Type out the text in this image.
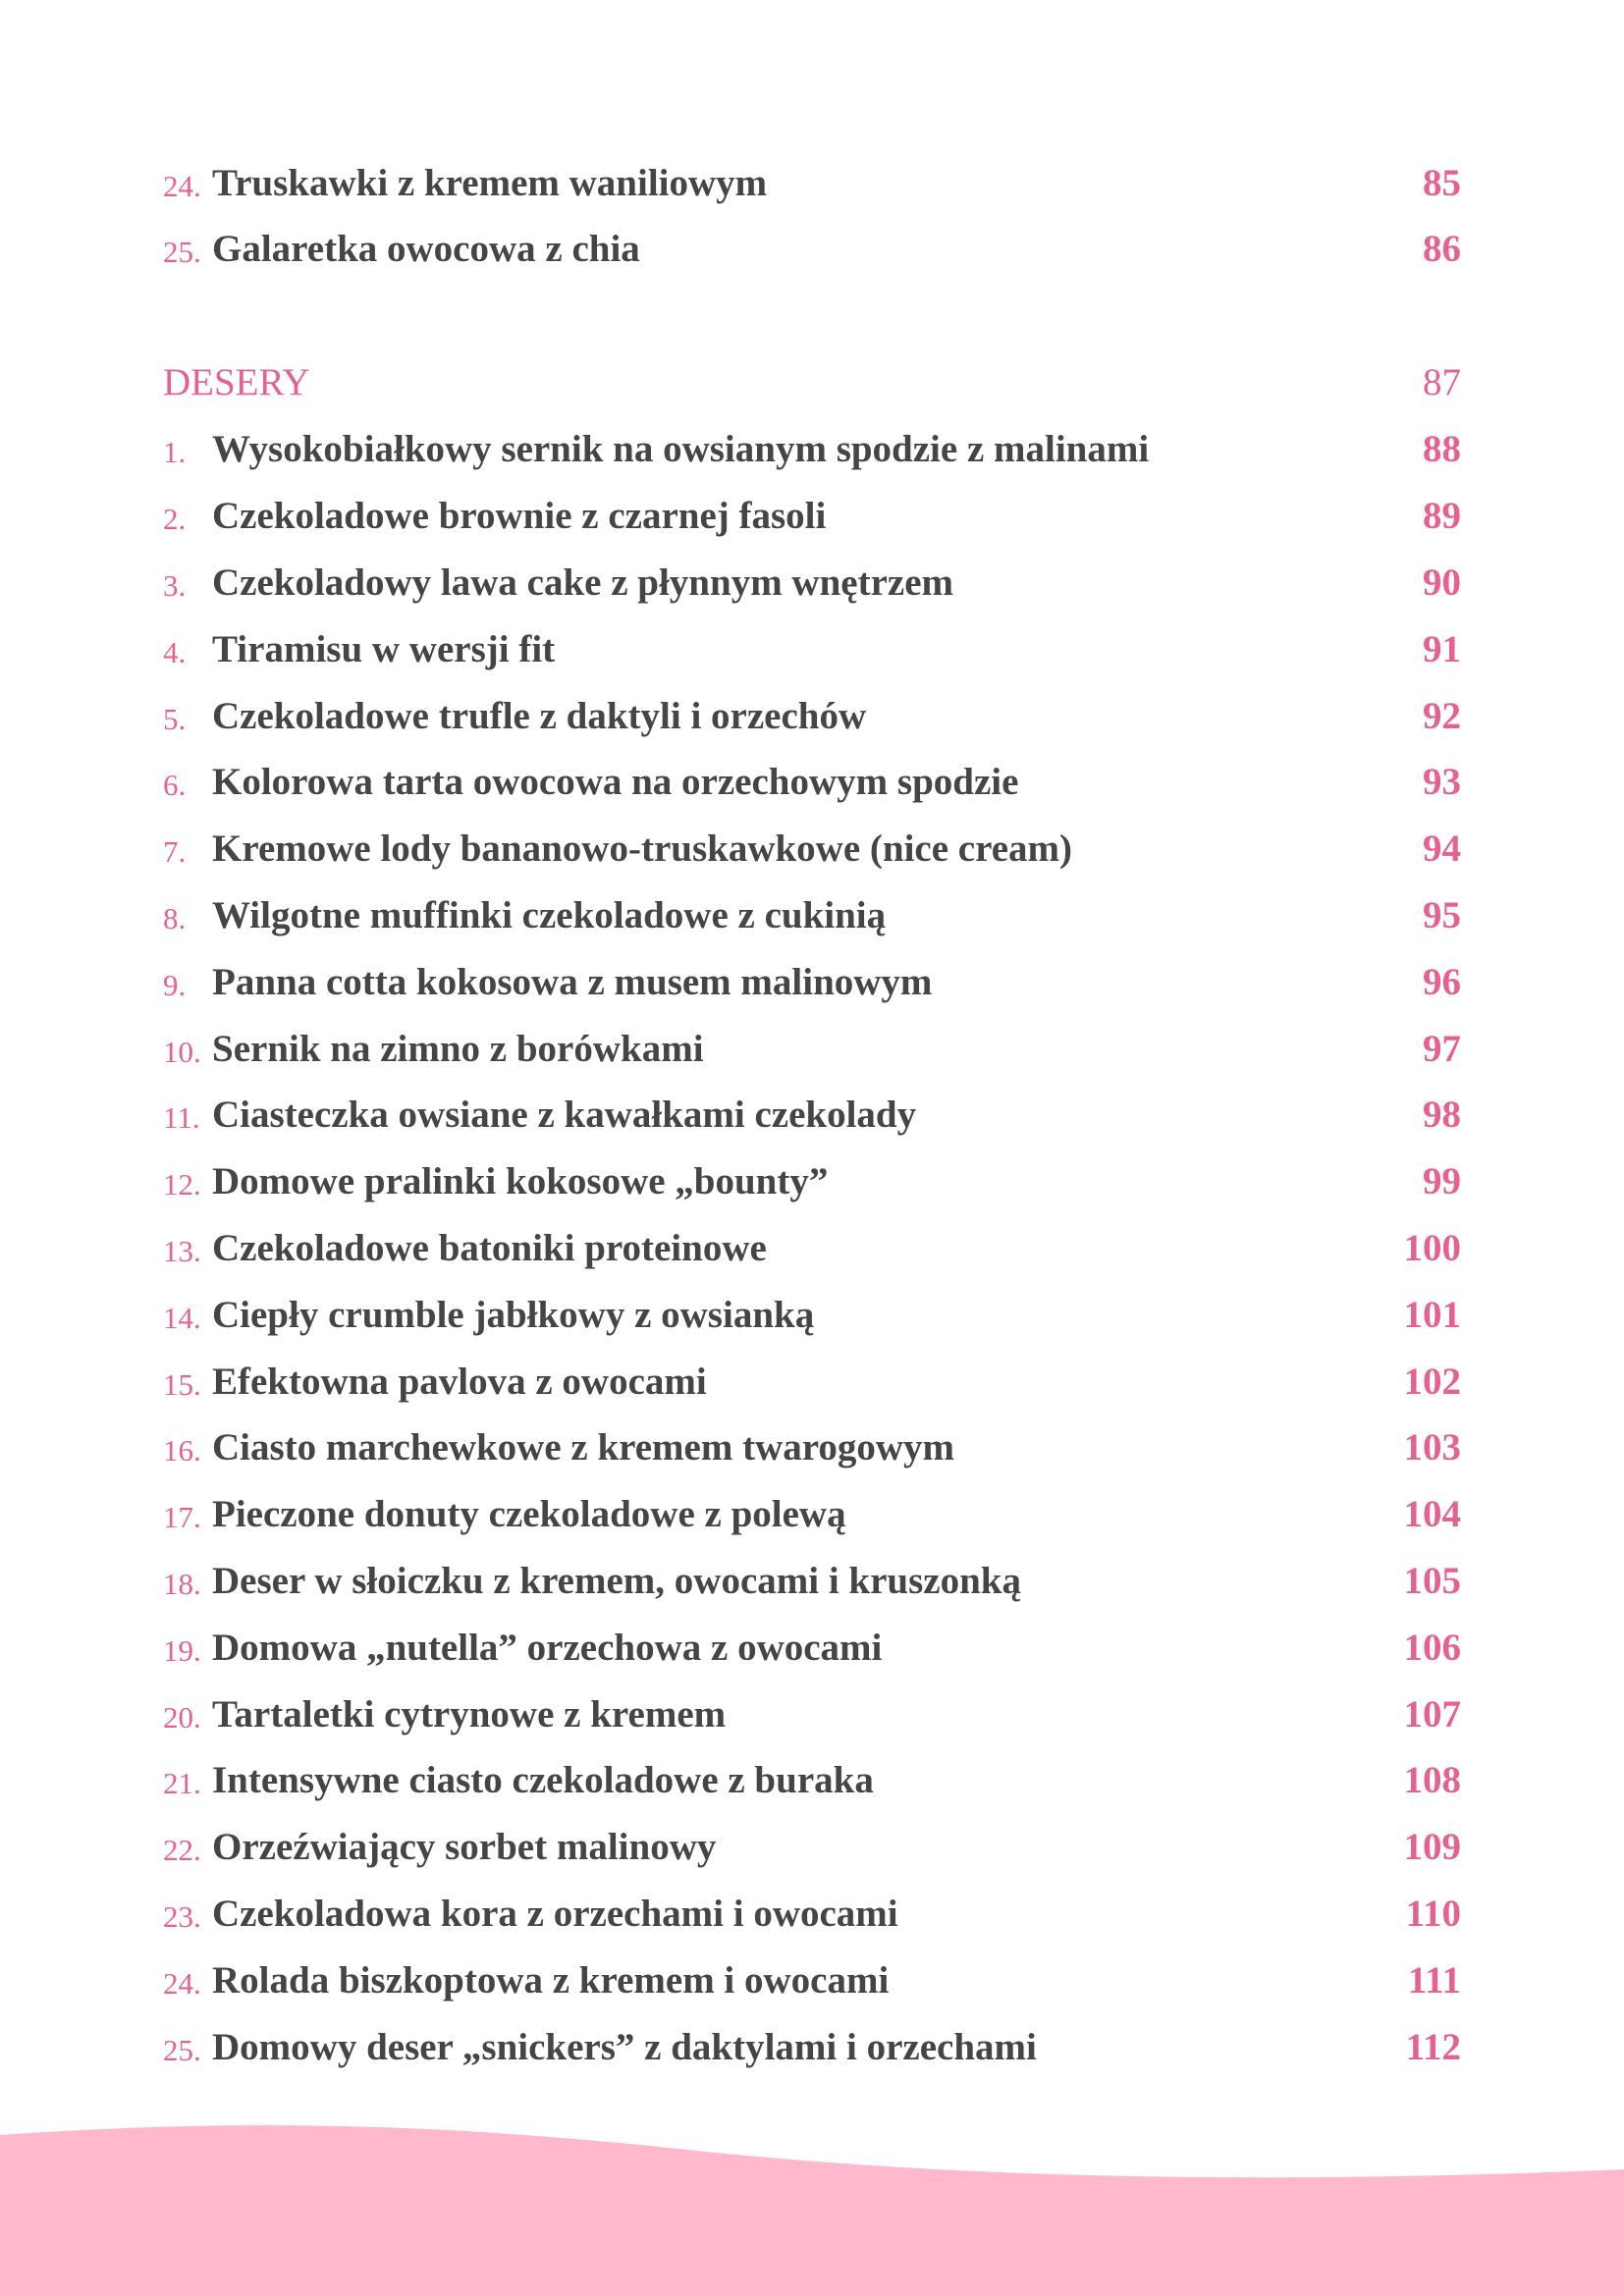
24. Truskawki z kremem waniliowym	85
25. Galaretka owocowa z chia	86
DESERY	87
1. Wysokobiałkowy sernik na owsianym spodzie z malinami	88
2. Czekoladowe brownie z czarnej fasoli	89
3. Czekoladowy lawa cake z płynnym wnętrzem	90
4. Tiramisu w wersji fit	91
5. Czekoladowe trufle z daktyli i orzechów	92
6. Kolorowa tarta owocowa na orzechowym spodzie	93
7. Kremowe lody bananowo-truskawkowe (nice cream)	94
8. Wilgotne muffinki czekoladowe z cukinią	95
9. Panna cotta kokosowa z musem malinowym	96
10. Sernik na zimno z borówkami	97
11. Ciasteczka owsiane z kawałkami czekolady	98
12. Domowe pralinki kokosowe „bounty”	99
13. Czekoladowe batoniki proteinowe	100
14. Ciepły crumble jabłkowy z owsianką	101
15. Efektowna pavlova z owocami	102
16. Ciasto marchewkowe z kremem twarogowym	103
17. Pieczone donuty czekoladowe z polewą	104
18. Deser w słoiczku z kremem, owocami i kruszonką	105
19. Domowa „nutella” orzechowa z owocami	106
20. Tartaletki cytrynowe z kremem	107
21. Intensywne ciasto czekoladowe z buraka	108
22. Orzeźwiający sorbet malinowy	109
23. Czekoladowa kora z orzechami i owocami	110
24. Rolada biszkoptowa z kremem i owocami	111
25. Domowy deser „snickers” z daktylami i orzechami	112
